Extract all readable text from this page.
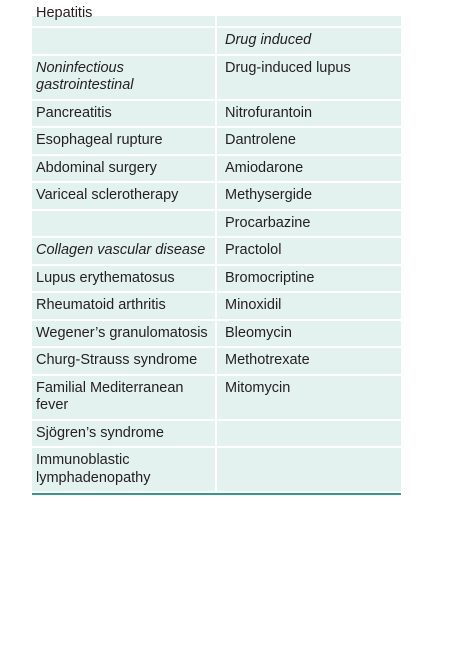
Hepatitis	

	Drug induced
Noninfectious gastrointestinal	Drug-induced lupus
Pancreatitis	Nitrofurantoin
Esophageal rupture	Dantrolene
Abdominal surgery	Amiodarone
Variceal sclerotherapy	Methysergide
	Procarbazine
Collagen vascular disease	Practolol
Lupus erythematosus	Bromocriptine
Rheumatoid arthritis	Minoxidil
Wegener’s granulomatosis	Bleomycin
Churg-Strauss syndrome	Methotrexate
Familial Mediterranean fever	Mitomycin
Sjögren’s syndrome	
Immunoblastic lymphadenopathy	
